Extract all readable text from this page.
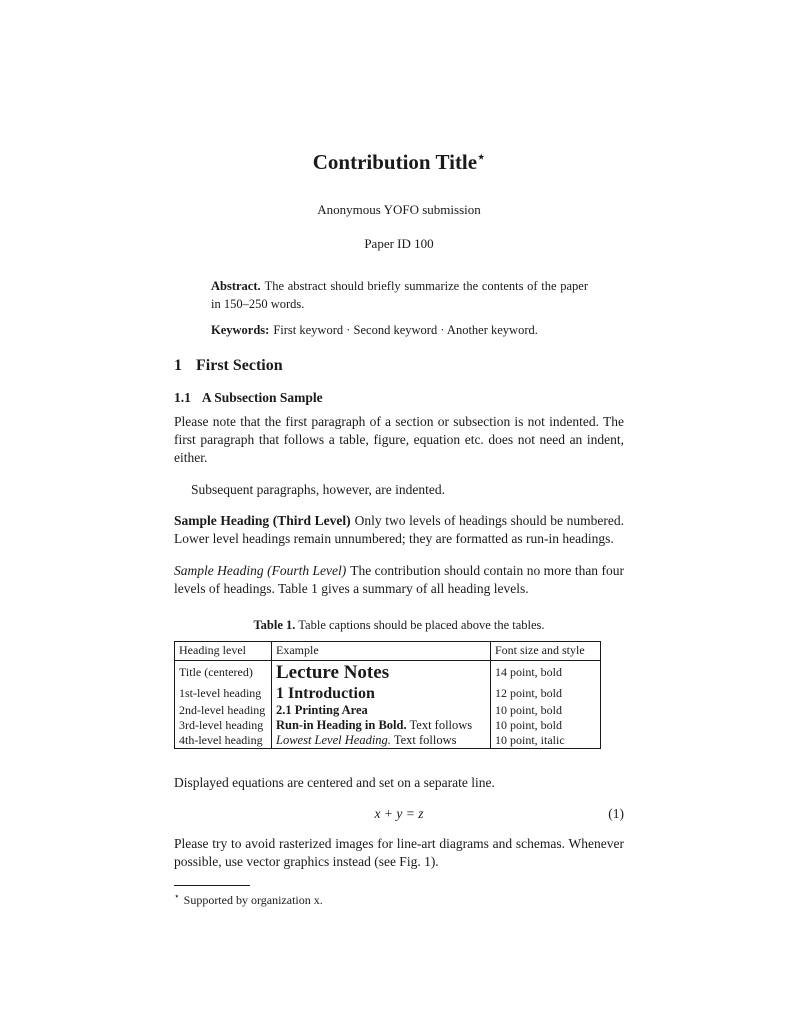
Contribution Title⋆
Anonymous YOFO submission
Paper ID 100
Abstract. The abstract should briefly summarize the contents of the paper in 150–250 words.
Keywords: First keyword · Second keyword · Another keyword.
1 First Section
1.1 A Subsection Sample

Please note that the first paragraph of a section or subsection is not indented. The first paragraph that follows a table, figure, equation etc. does not need an indent, either.

Subsequent paragraphs, however, are indented.

Sample Heading (Third Level) Only two levels of headings should be numbered. Lower level headings remain unnumbered; they are formatted as run-in headings.

Sample Heading (Fourth Level) The contribution should contain no more than four levels of headings. Table 1 gives a summary of all heading levels.

Table 1. Table captions should be placed above the tables.
Heading level	Example	Font size and style
Title (centered)	Lecture Notes	14 point, bold
1st-level heading	1 Introduction	12 point, bold
2nd-level heading	2.1 Printing Area	10 point, bold
3rd-level heading	Run-in Heading in Bold. Text follows	10 point, bold
4th-level heading	Lowest Level Heading. Text follows	10 point, italic

Displayed equations are centered and set on a separate line.

x + y = z	(1)

Please try to avoid rasterized images for line-art diagrams and schemas. Whenever possible, use vector graphics instead (see Fig. 1).

⋆ Supported by organization x.
